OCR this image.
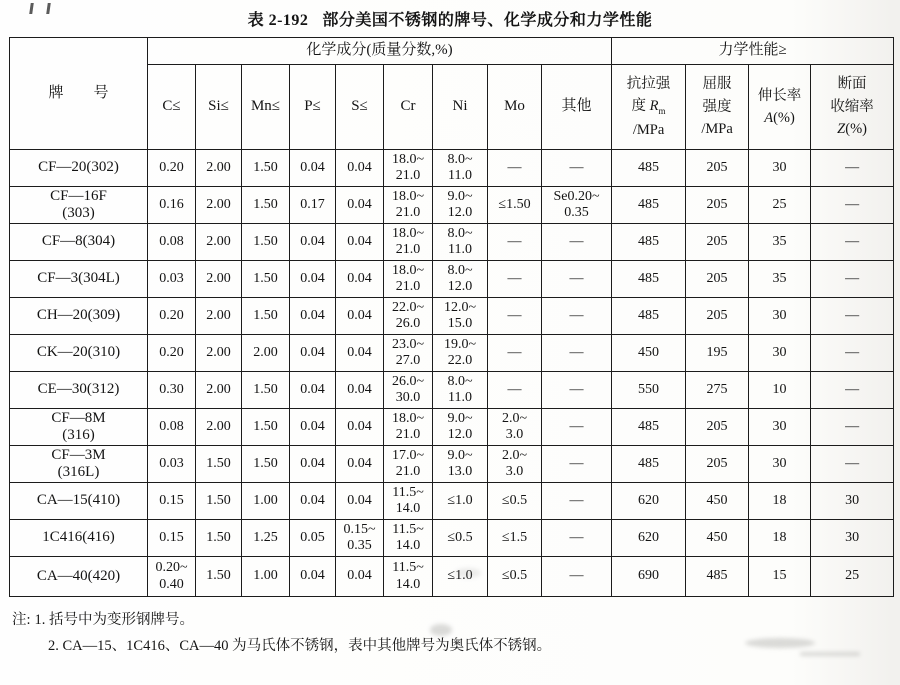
表 2-192 部分美国不锈钢的牌号、化学成分和力学性能
牌　　号	化学成分(质量分数,%)									力学性能≥			
	C≤	Si≤	Mn≤	P≤	S≤	Cr	Ni	Mo	其他	抗拉强
度 $R_m$
/MPa	屈服
强度
/MPa	伸长率
A(%)	断面
收缩率
Z(%)
CF—20(302)	0.20	2.00	1.50	0.04	0.04	18.0~
21.0	8.0~
11.0	—	—	485	205	30	—
CF—16F
(303)	0.16	2.00	1.50	0.17	0.04	18.0~
21.0	9.0~
12.0	≤1.50	Se0.20~
0.35	485	205	25	—
CF—8(304)	0.08	2.00	1.50	0.04	0.04	18.0~
21.0	8.0~
11.0	—	—	485	205	35	—
CF—3(304L)	0.03	2.00	1.50	0.04	0.04	18.0~
21.0	8.0~
12.0	—	—	485	205	35	—
CH—20(309)	0.20	2.00	1.50	0.04	0.04	22.0~
26.0	12.0~
15.0	—	—	485	205	30	—
CK—20(310)	0.20	2.00	2.00	0.04	0.04	23.0~
27.0	19.0~
22.0	—	—	450	195	30	—
CE—30(312)	0.30	2.00	1.50	0.04	0.04	26.0~
30.0	8.0~
11.0	—	—	550	275	10	—
CF—8M
(316)	0.08	2.00	1.50	0.04	0.04	18.0~
21.0	9.0~
12.0	2.0~
3.0	—	485	205	30	—
CF—3M
(316L)	0.03	1.50	1.50	0.04	0.04	17.0~
21.0	9.0~
13.0	2.0~
3.0	—	485	205	30	—
CA—15(410)	0.15	1.50	1.00	0.04	0.04	11.5~
14.0	≤1.0	≤0.5	—	620	450	18	30
1C416(416)	0.15	1.50	1.25	0.05	0.15~
0.35	11.5~
14.0	≤0.5	≤1.5	—	620	450	18	30
CA—40(420)	0.20~
0.40	1.50	1.00	0.04	0.04	11.5~
14.0	≤1.0	≤0.5	—	690	485	15	25
注: 1. 括号中为变形钢牌号。
2. CA—15、1C416、CA—40 为马氏体不锈钢，表中其他牌号为奥氏体不锈钢。
